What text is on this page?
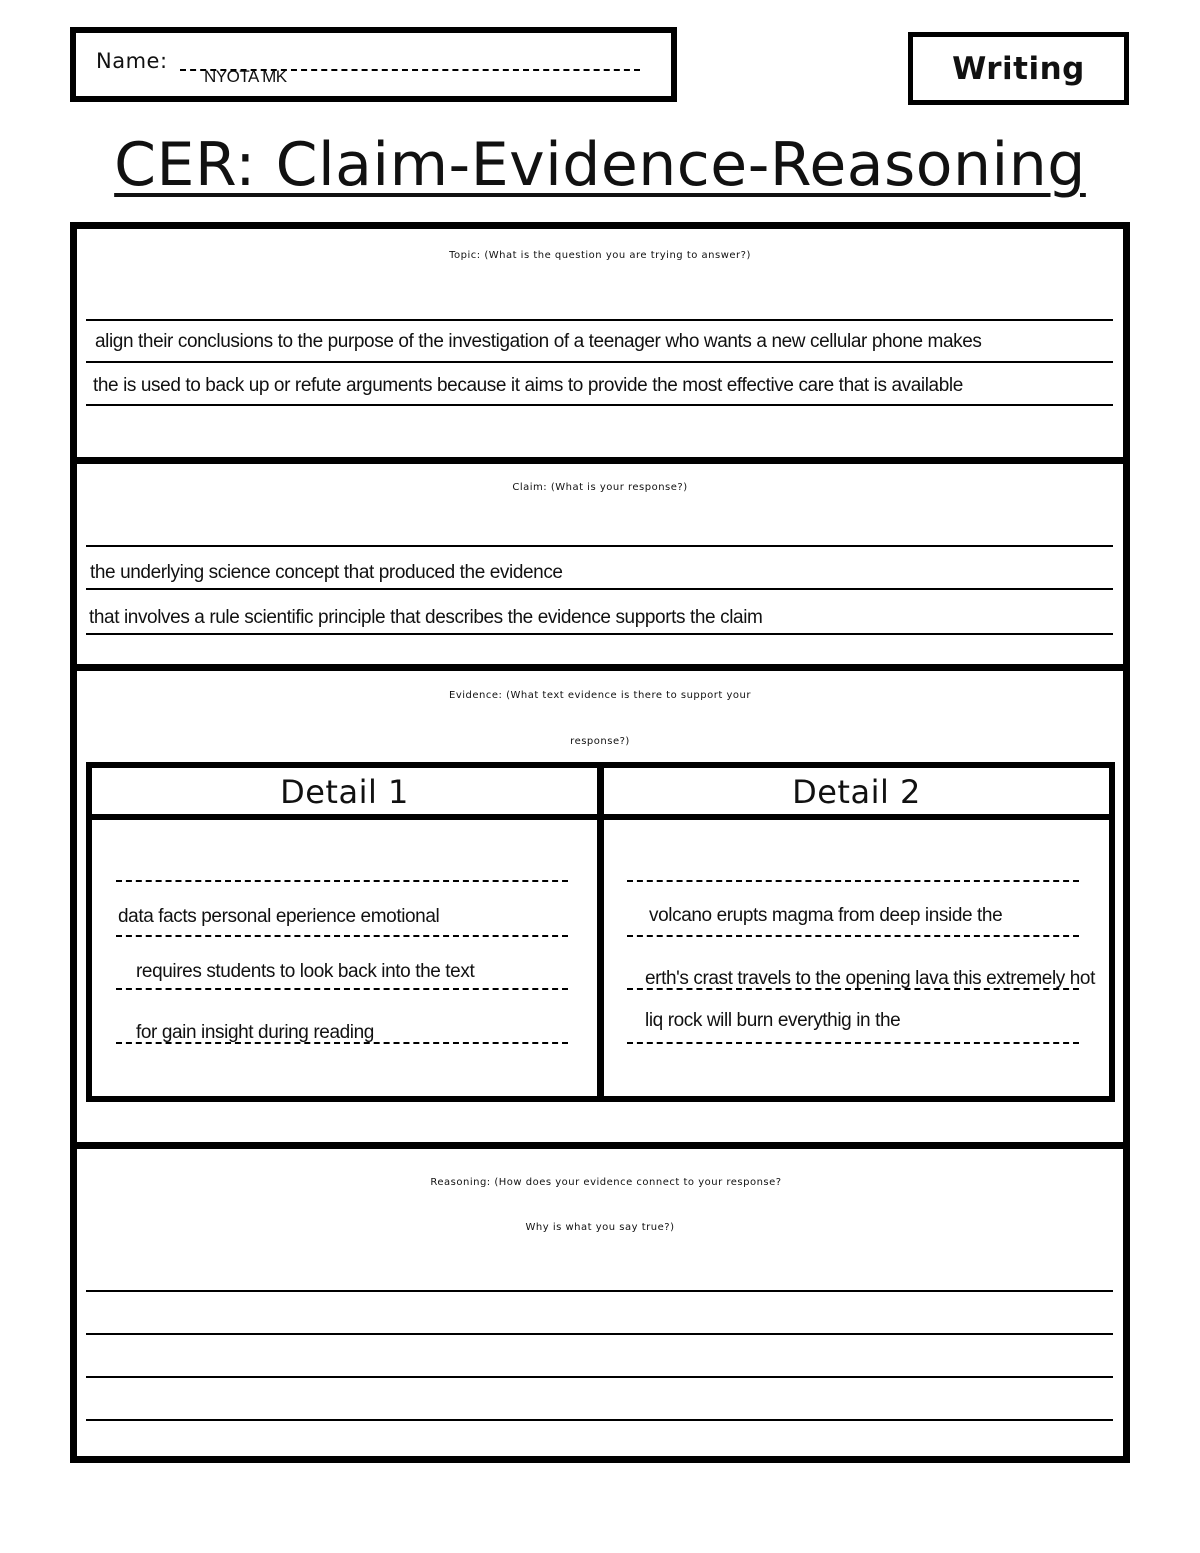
Name:
NYOTA MK	Writing
CER: Claim-Evidence-Reasoning
Topic: (What is the question you are trying to answer?)
align their conclusions to the purpose of the investigation of a teenager who wants a new cellular phone makes
the is used to back up or refute arguments because it aims to provide the most effective care that is available
Claim: (What is your response?)
the underlying science concept that produced the evidence
that involves a rule scientific principle that describes the evidence supports the claim
Evidence: (What text evidence is there to support your
response?)
Detail 1	Detail 2
data facts personal eperience emotional
requires students to look back into the text
for gain insight during reading
volcano erupts magma from deep inside the
erth's crast travels to the opening lava this extremely hot
liq rock will burn everythig in the
Reasoning: (How does your evidence connect to your response?
Why is what you say true?)
